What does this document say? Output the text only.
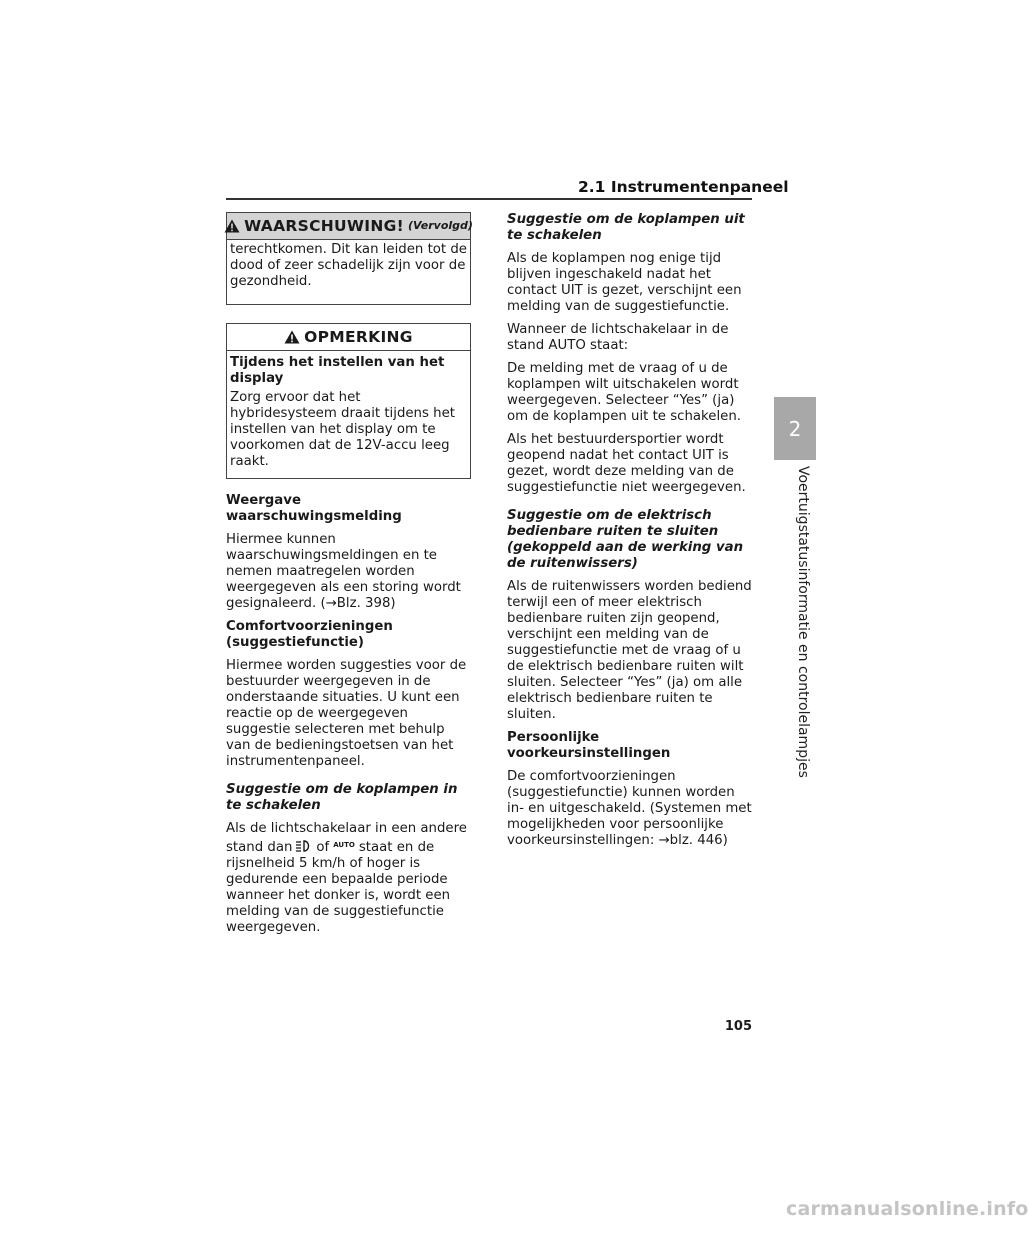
2.1 Instrumentenpaneel
2
Voertuigstatusinformatie en controlelampjes
WAARSCHUWING! (Vervolgd)

terechtkomen. Dit kan leiden tot de dood of zeer schadelijk zijn voor de gezondheid.

OPMERKING

Tijdens het instellen van het display

Zorg ervoor dat het hybridesysteem draait tijdens het instellen van het display om te voorkomen dat de 12V-accu leeg raakt.

Weergave waarschuwingsmelding

Hiermee kunnen waarschuwingsmeldingen en te nemen maatregelen worden weergegeven als een storing wordt gesignaleerd. (→Blz. 398)

Comfortvoorzieningen (suggestiefunctie)

Hiermee worden suggesties voor de bestuurder weergegeven in de onderstaande situaties. U kunt een reactie op de weergegeven suggestie selecteren met behulp van de bedieningstoetsen van het instrumentenpaneel.

Suggestie om de koplampen in te schakelen

Als de lichtschakelaar in een andere stand dan of $^{AUTO}$ staat en de rijsnelheid 5 km/h of hoger is gedurende een bepaalde periode wanneer het donker is, wordt een melding van de suggestiefunctie weergegeven.

Suggestie om de koplampen uit te schakelen

Als de koplampen nog enige tijd blijven ingeschakeld nadat het contact UIT is gezet, verschijnt een melding van de suggestiefunctie.

Wanneer de lichtschakelaar in de stand AUTO staat:

De melding met de vraag of u de koplampen wilt uitschakelen wordt weergegeven. Selecteer “Yes” (ja) om de koplampen uit te schakelen.

Als het bestuurdersportier wordt geopend nadat het contact UIT is gezet, wordt deze melding van de suggestiefunctie niet weergegeven.

Suggestie om de elektrisch bedienbare ruiten te sluiten (gekoppeld aan de werking van de ruitenwissers)

Als de ruitenwissers worden bediend terwijl een of meer elektrisch bedienbare ruiten zijn geopend, verschijnt een melding van de suggestiefunctie met de vraag of u de elektrisch bedienbare ruiten wilt sluiten. Selecteer “Yes” (ja) om alle elektrisch bedienbare ruiten te sluiten.

Persoonlijke voorkeursinstellingen

De comfortvoorzieningen (suggestiefunctie) kunnen worden in- en uitgeschakeld. (Systemen met mogelijkheden voor persoonlijke voorkeursinstellingen: →blz. 446)

105
carmanualsonline.info
